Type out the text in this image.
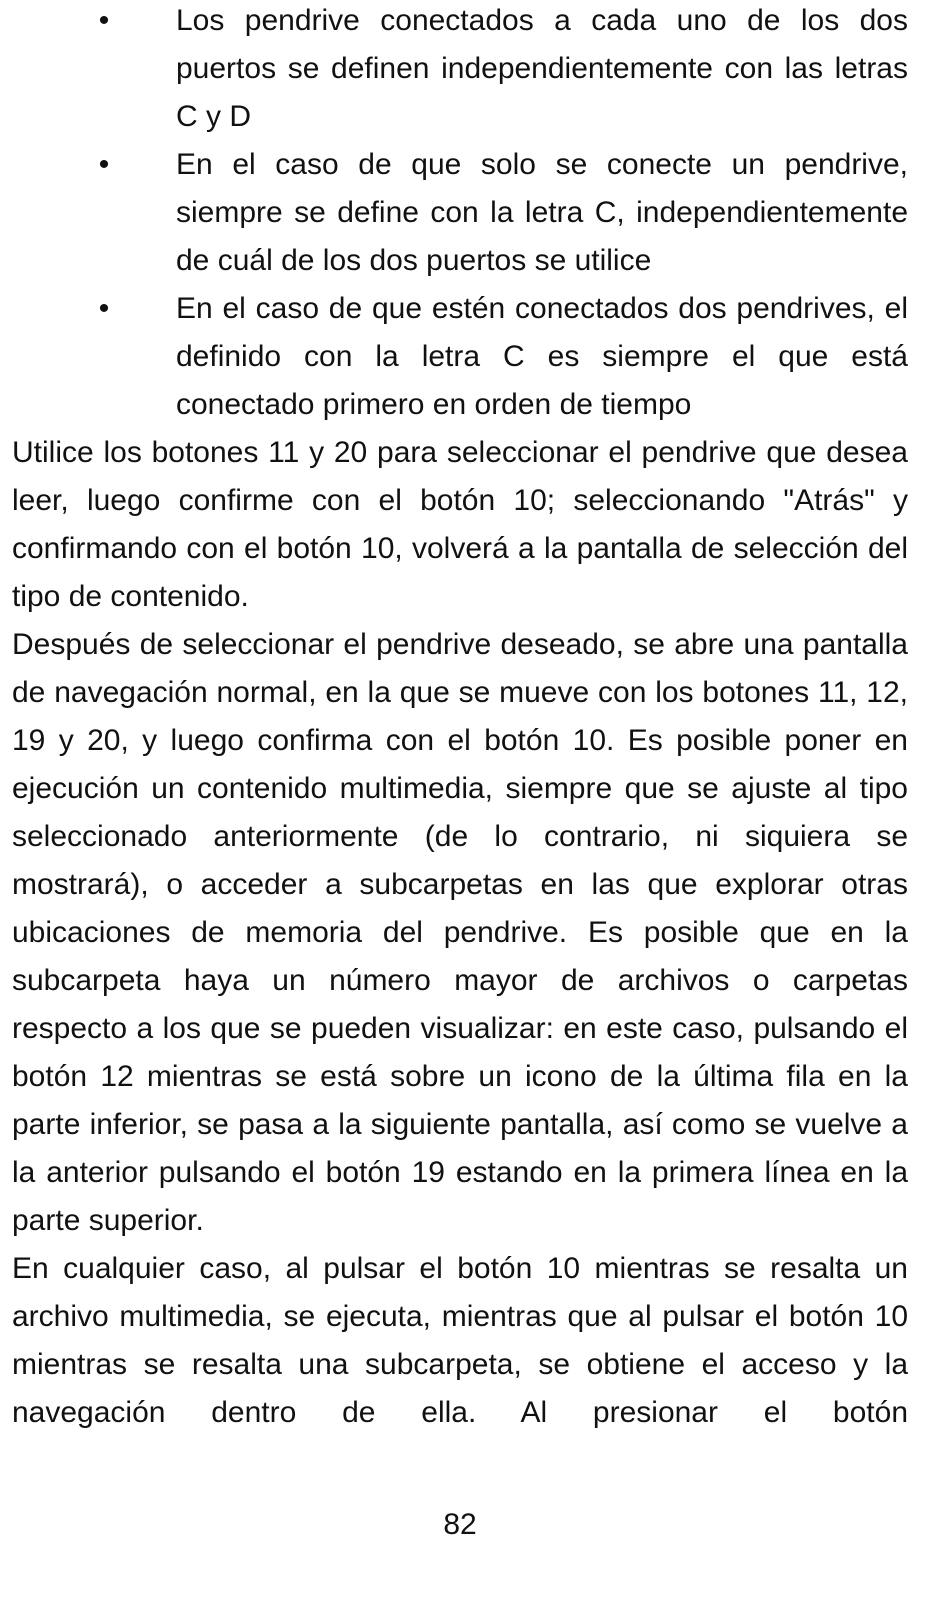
• Los pendrive conectados a cada uno de los dos puertos se definen independientemente con las letras C y D
• En el caso de que solo se conecte un pendrive, siempre se define con la letra C, independientemente de cuál de los dos puertos se utilice
• En el caso de que estén conectados dos pendrives, el definido con la letra C es siempre el que está conectado primero en orden de tiempo

Utilice los botones 11 y 20 para seleccionar el pendrive que desea leer, luego confirme con el botón 10; seleccionando "Atrás" y confirmando con el botón 10, volverá a la pantalla de selección del tipo de contenido.

Después de seleccionar el pendrive deseado, se abre una pantalla de navegación normal, en la que se mueve con los botones 11, 12, 19 y 20, y luego confirma con el botón 10. Es posible poner en ejecución un contenido multimedia, siempre que se ajuste al tipo seleccionado anteriormente (de lo contrario, ni siquiera se mostrará), o acceder a subcarpetas en las que explorar otras ubicaciones de memoria del pendrive. Es posible que en la subcarpeta haya un número mayor de archivos o carpetas respecto a los que se pueden visualizar: en este caso, pulsando el botón 12 mientras se está sobre un icono de la última fila en la parte inferior, se pasa a la siguiente pantalla, así como se vuelve a la anterior pulsando el botón 19 estando en la primera línea en la parte superior.

En cualquier caso, al pulsar el botón 10 mientras se resalta un archivo multimedia, se ejecuta, mientras que al pulsar el botón 10 mientras se resalta una subcarpeta, se obtiene el acceso y la navegación dentro de ella. Al presionar el botón

82
